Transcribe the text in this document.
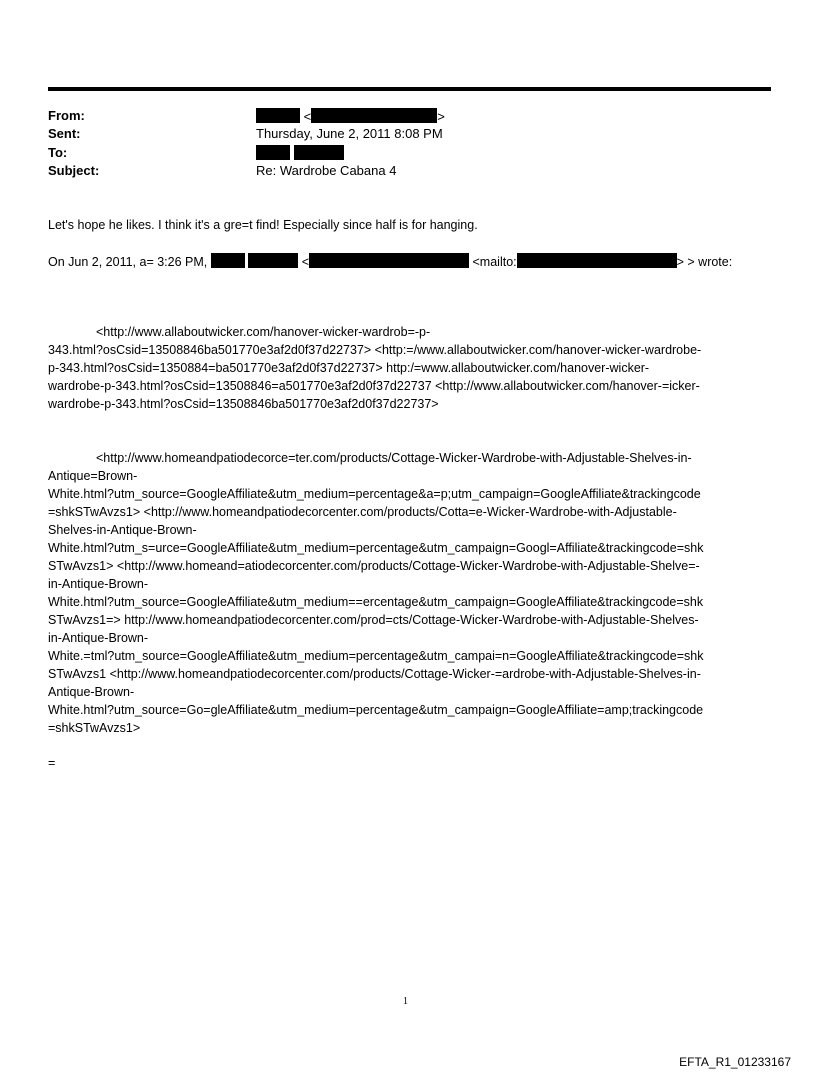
From:	<	>
Sent:	Thursday, June 2, 2011 8:08 PM
To:

Subject:	Re: Wardrobe Cabana 4
Let's hope he likes. I think it's a gre=t find! Especially since half is for hanging.
On Jun 2, 2011, a= 3:26 PM,	<	<mailto:	> > wrote:
<http://www.allaboutwicker.com/hanover-wicker-wardrob=-p-
343.html?osCsid=13508846ba501770e3af2d0f37d22737> <http:=/www.allaboutwicker.com/hanover-wicker-wardrobe-
p-343.html?osCsid=1350884=ba501770e3af2d0f37d22737> http:/=www.allaboutwicker.com/hanover-wicker-
wardrobe-p-343.html?osCsid=13508846=a501770e3af2d0f37d22737 <http://www.allaboutwicker.com/hanover-=icker-
wardrobe-p-343.html?osCsid=13508846ba501770e3af2d0f37d22737>
<http://www.homeandpatiodecorce=ter.com/products/Cottage-Wicker-Wardrobe-with-Adjustable-Shelves-in-
Antique=Brown-
White.html?utm_source=GoogleAffiliate&utm_medium=percentage&a=p;utm_campaign=GoogleAffiliate&trackingcode
=shkSTwAvzs1> <http://www.homeandpatiodecorcenter.com/products/Cotta=e-Wicker-Wardrobe-with-Adjustable-
Shelves-in-Antique-Brown-
White.html?utm_s=urce=GoogleAffiliate&utm_medium=percentage&utm_campaign=Googl=Affiliate&trackingcode=shk
STwAvzs1> <http://www.homeand=atiodecorcenter.com/products/Cottage-Wicker-Wardrobe-with-Adjustable-Shelve=-
in-Antique-Brown-
White.html?utm_source=GoogleAffiliate&utm_medium==ercentage&utm_campaign=GoogleAffiliate&trackingcode=shk
STwAvzs1=> http://www.homeandpatiodecorcenter.com/prod=cts/Cottage-Wicker-Wardrobe-with-Adjustable-Shelves-
in-Antique-Brown-
White.=tml?utm_source=GoogleAffiliate&utm_medium=percentage&utm_campai=n=GoogleAffiliate&trackingcode=shk
STwAvzs1 <http://www.homeandpatiodecorcenter.com/products/Cottage-Wicker-=ardrobe-with-Adjustable-Shelves-in-
Antique-Brown-
White.html?utm_source=Go=gleAffiliate&utm_medium=percentage&utm_campaign=GoogleAffiliate=amp;trackingcode
=shkSTwAvzs1>
=
1
EFTA_R1_01233167
